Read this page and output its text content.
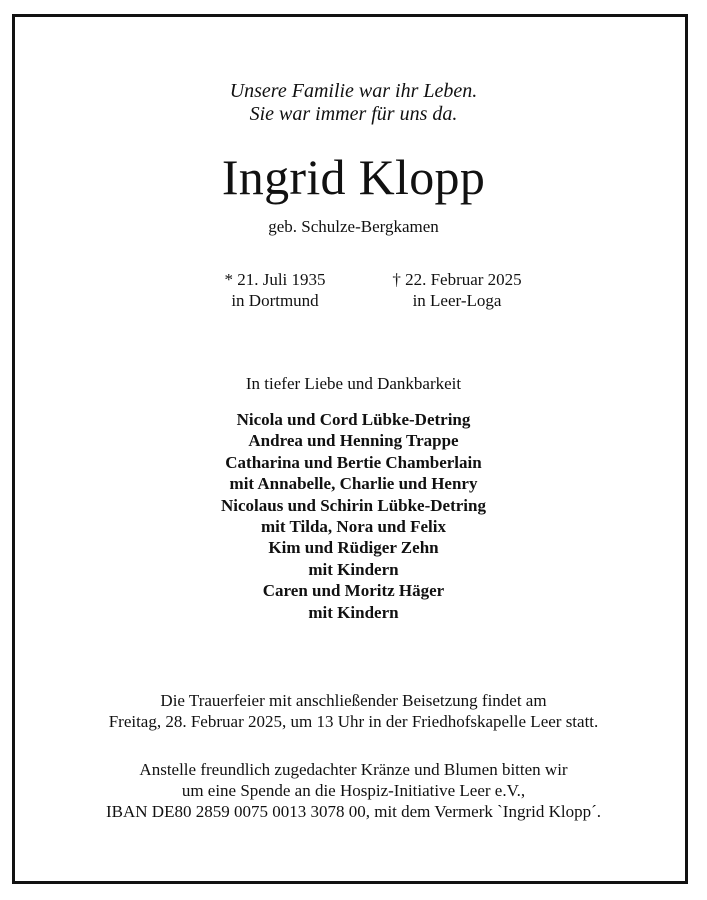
Unsere Familie war ihr Leben.
Sie war immer für uns da.
Ingrid Klopp
geb. Schulze-Bergkamen
* 21. Juli 1935
in Dortmund
† 22. Februar 2025
in Leer-Loga
In tiefer Liebe und Dankbarkeit
Nicola und Cord Lübke-Detring
Andrea und Henning Trappe
Catharina und Bertie Chamberlain
mit Annabelle, Charlie und Henry
Nicolaus und Schirin Lübke-Detring
mit Tilda, Nora und Felix
Kim und Rüdiger Zehn
mit Kindern
Caren und Moritz Häger
mit Kindern
Die Trauerfeier mit anschließender Beisetzung findet am
Freitag, 28. Februar 2025, um 13 Uhr in der Friedhofskapelle Leer statt.
Anstelle freundlich zugedachter Kränze und Blumen bitten wir
um eine Spende an die Hospiz-Initiative Leer e.V.,
IBAN DE80 2859 0075 0013 3078 00, mit dem Vermerk `Ingrid Klopp´.
